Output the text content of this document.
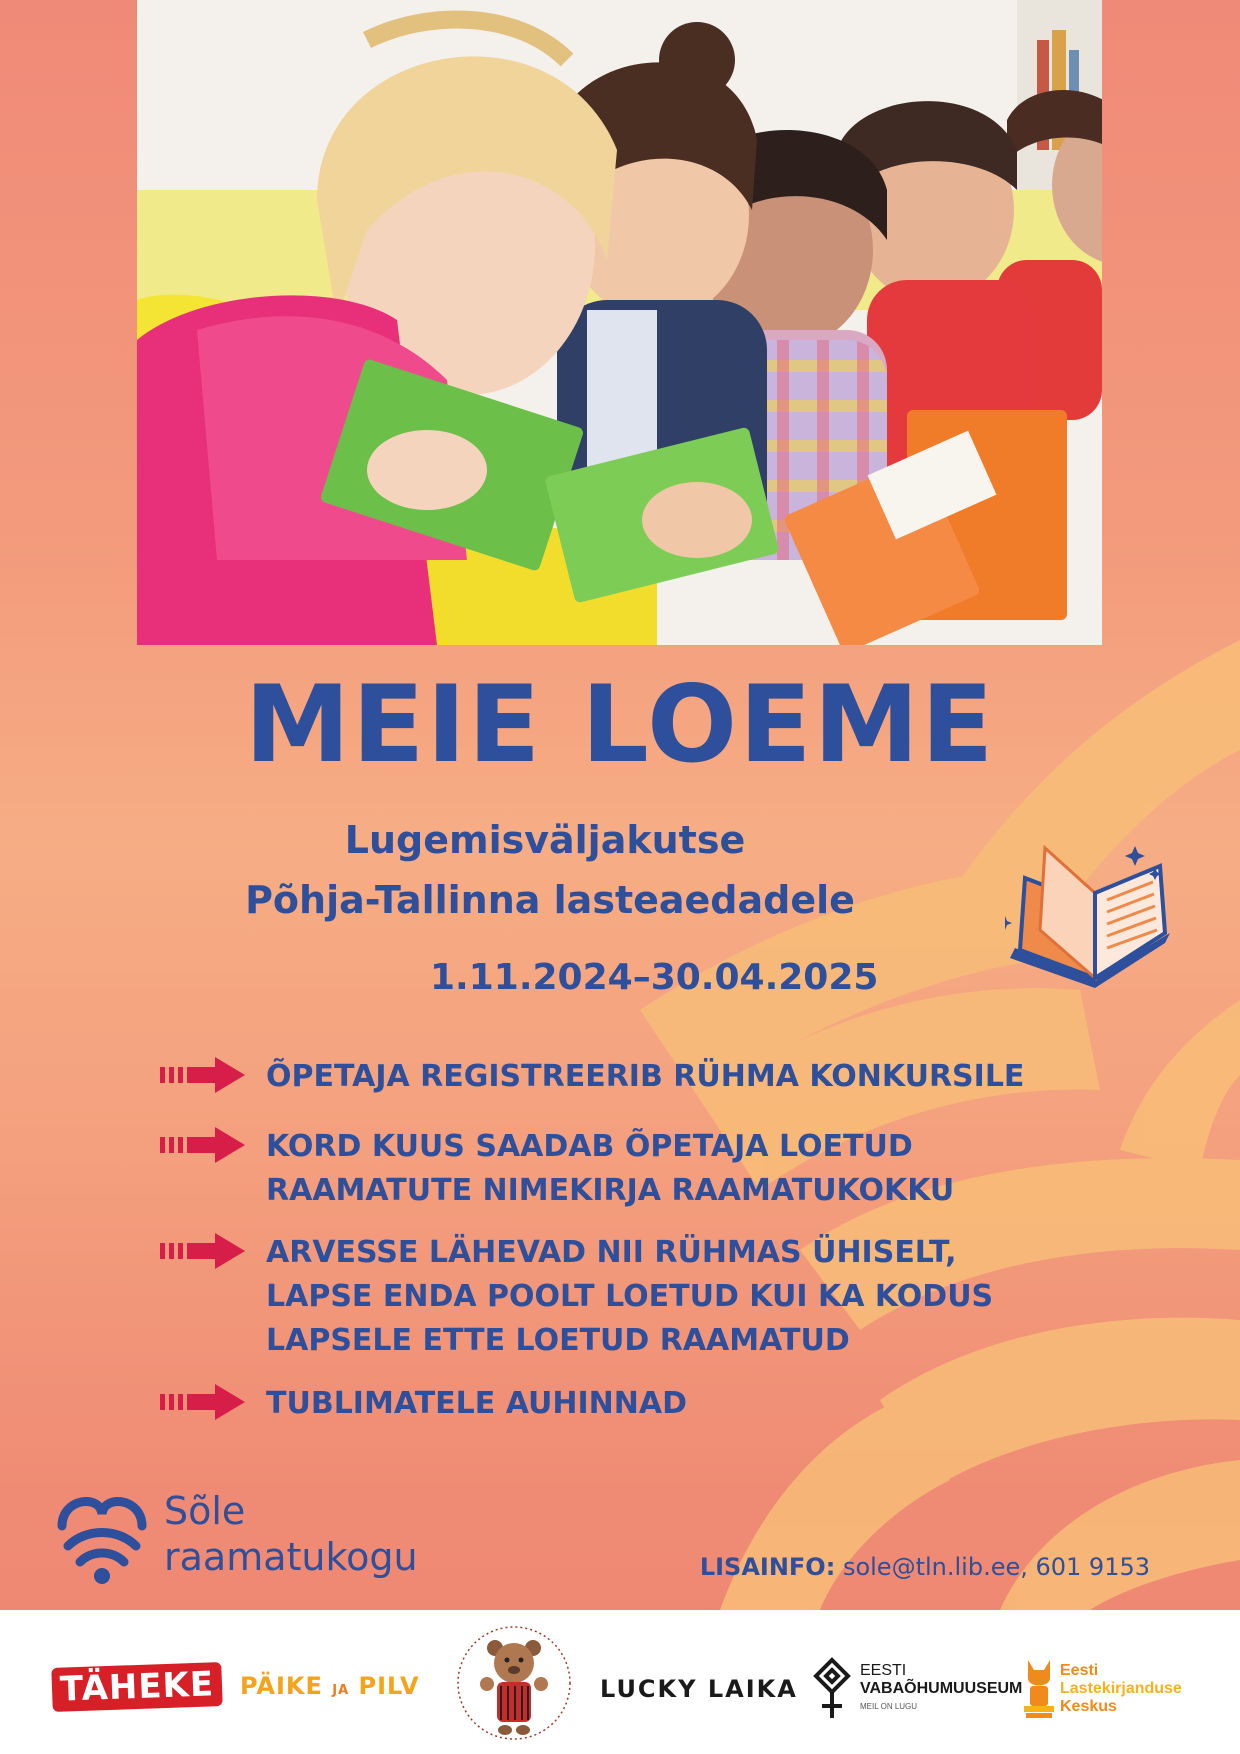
MEIE LOEME
Lugemisväljakutse
Põhja-Tallinna lasteaedadele
1.11.2024–30.04.2025
ÕPETAJA REGISTREERIB RÜHMA KONKURSILE
KORD KUUS SAADAB ÕPETAJA LOETUD
RAAMATUTE NIMEKIRJA RAAMATUKOKKU
ARVESSE LÄHEVAD NII RÜHMAS ÜHISELT,
LAPSE ENDA POOLT LOETUD KUI KA KODUS
LAPSELE ETTE LOETUD RAAMATUD
TUBLIMATELE AUHINNAD
Sõle
raamatukogu	LISAINFO: sole@tln.lib.ee, 601 9153
TÄHEKE	PÄIKE JA PILV	LUCKY LAIKA
EESTI
VABAÕHUMUUSEUM
MEIL ON LUGU
Eesti
Lastekirjanduse
Keskus
